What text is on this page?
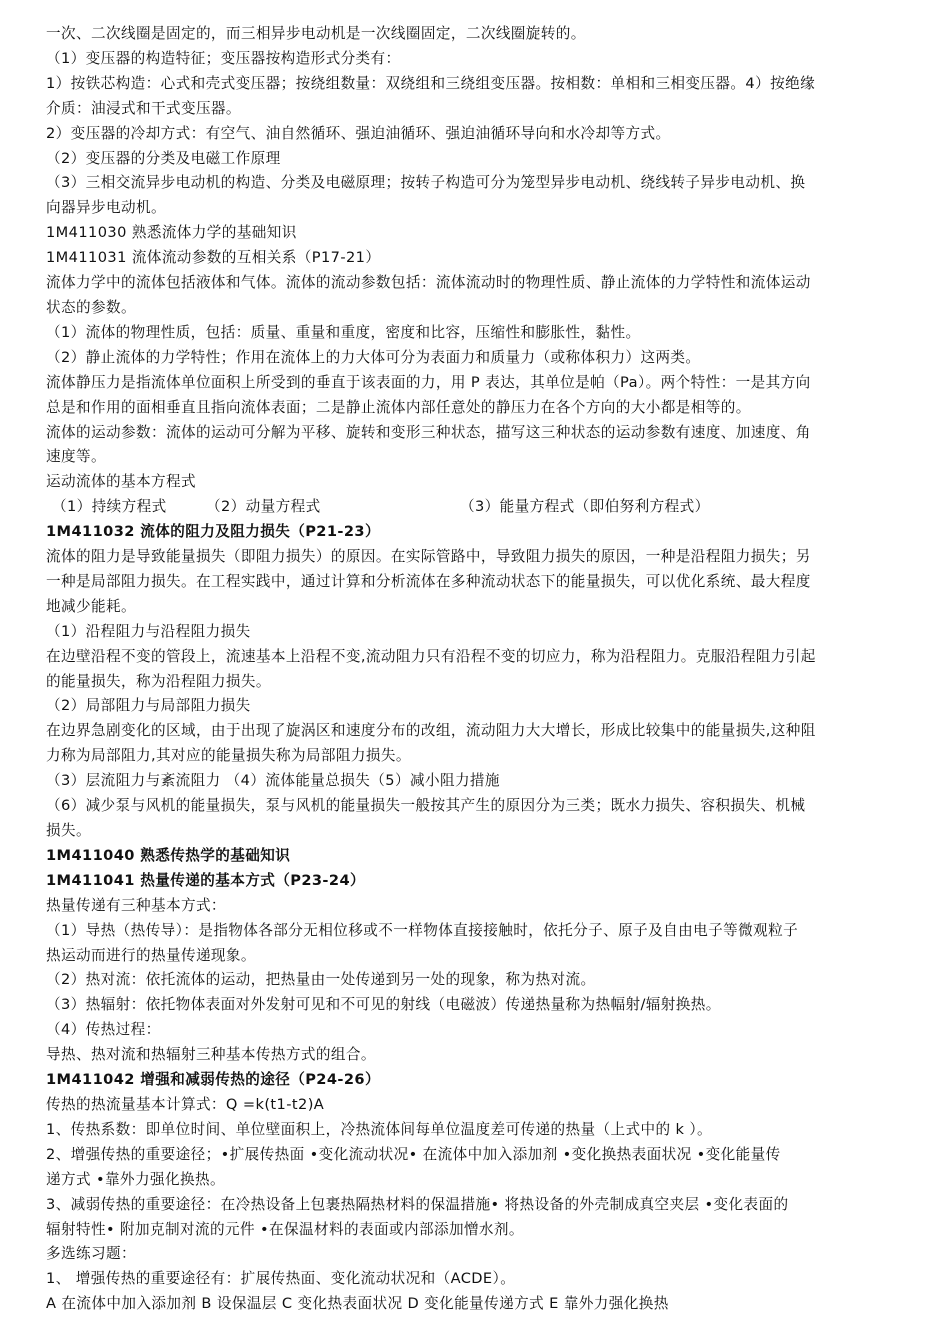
一次、二次线圈是固定的，而三相异步电动机是一次线圈固定，二次线圈旋转的。
（1）变压器的构造特征；变压器按构造形式分类有：
1）按铁芯构造：心式和壳式变压器；按绕组数量：双绕组和三绕组变压器。按相数：单相和三相变压器。4）按绝缘
介质：油浸式和干式变压器。
2）变压器的冷却方式：有空气、油自然循环、强迫油循环、强迫油循环导向和水冷却等方式。
（2）变压器的分类及电磁工作原理
（3）三相交流异步电动机的构造、分类及电磁原理；按转子构造可分为笼型异步电动机、绕线转子异步电动机、换
向器异步电动机。
1M411030 熟悉流体力学的基础知识
1M411031 流体流动参数的互相关系（P17-21）
流体力学中的流体包括液体和气体。流体的流动参数包括：流体流动时的物理性质、静止流体的力学特性和流体运动
状态的参数。
（1）流体的物理性质，包括：质量、重量和重度，密度和比容，压缩性和膨胀性，黏性。
（2）静止流体的力学特性；作用在流体上的力大体可分为表面力和质量力（或称体积力）这两类。
流体静压力是指流体单位面积上所受到的垂直于该表面的力，用 P 表达，其单位是帕（Pa）。两个特性：一是其方向
总是和作用的面相垂直且指向流体表面；二是静止流体内部任意处的静压力在各个方向的大小都是相等的。
流体的运动参数：流体的运动可分解为平移、旋转和变形三种状态，描写这三种状态的运动参数有速度、加速度、角
速度等。
运动流体的基本方程式
（1）持续方程式	（2）动量方程式	（3）能量方程式（即伯努利方程式）
1M411032 流体的阻力及阻力损失（P21-23）
流体的阻力是导致能量损失（即阻力损失）的原因。在实际管路中，导致阻力损失的原因，一种是沿程阻力损失；另
一种是局部阻力损失。在工程实践中，通过计算和分析流体在多种流动状态下的能量损失，可以优化系统、最大程度
地减少能耗。
（1）沿程阻力与沿程阻力损失
在边壁沿程不变的管段上，流速基本上沿程不变,流动阻力只有沿程不变的切应力，称为沿程阻力。克服沿程阻力引起
的能量损失，称为沿程阻力损失。
（2）局部阻力与局部阻力损失
在边界急剧变化的区域，由于出现了旋涡区和速度分布的改组，流动阻力大大增长，形成比较集中的能量损失,这种阻
力称为局部阻力,其对应的能量损失称为局部阻力损失。
（3）层流阻力与紊流阻力 （4）流体能量总损失（5）减小阻力措施
（6）减少泵与风机的能量损失，泵与风机的能量损失一般按其产生的原因分为三类；既水力损失、容积损失、机械
损失。
1M411040 熟悉传热学的基础知识
1M411041 热量传递的基本方式（P23-24）
热量传递有三种基本方式：
（1）导热（热传导）：是指物体各部分无相位移或不一样物体直接接触时，依托分子、原子及自由电子等微观粒子
热运动而进行的热量传递现象。
（2）热对流：依托流体的运动，把热量由一处传递到另一处的现象，称为热对流。
（3）热辐射：依托物体表面对外发射可见和不可见的射线（电磁波）传递热量称为热幅射/辐射换热。
（4）传热过程：
导热、热对流和热辐射三种基本传热方式的组合。
1M411042 增强和减弱传热的途径（P24-26）
传热的热流量基本计算式：Q =k(t1-t2)A
1、传热系数：即单位时间、单位壁面积上，冷热流体间每单位温度差可传递的热量（上式中的 k ）。
2、增强传热的重要途径；•扩展传热面 •变化流动状况• 在流体中加入添加剂 •变化换热表面状况 •变化能量传
递方式 •靠外力强化换热。
3、减弱传热的重要途径：在冷热设备上包裹热隔热材料的保温措施• 将热设备的外壳制成真空夹层 •变化表面的
辐射特性• 附加克制对流的元件 •在保温材料的表面或内部添加憎水剂。
多选练习题：
1、 增强传热的重要途径有：扩展传热面、变化流动状况和（ACDE）。
A 在流体中加入添加剂 B 设保温层 C 变化热表面状况 D 变化能量传递方式 E 靠外力强化换热
